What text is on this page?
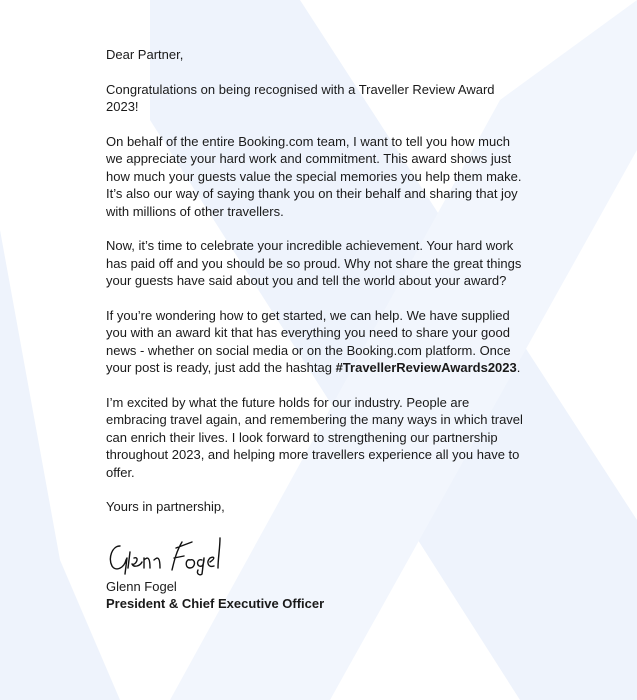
Dear Partner,

Congratulations on being recognised with a Traveller Review Award 2023!

On behalf of the entire Booking.com team, I want to tell you how much we appreciate your hard work and commitment. This award shows just how much your guests value the special memories you help them make. It’s also our way of saying thank you on their behalf and sharing that joy with millions of other travellers.

Now, it’s time to celebrate your incredible achievement. Your hard work has paid off and you should be so proud. Why not share the great things your guests have said about you and tell the world about your award?

If you’re wondering how to get started, we can help. We have supplied you with an award kit that has everything you need to share your good news - whether on social media or on the Booking.com platform. Once your post is ready, just add the hashtag #TravellerReviewAwards2023.

I’m excited by what the future holds for our industry. People are embracing travel again, and remembering the many ways in which travel can enrich their lives. I look forward to strengthening our partnership throughout 2023, and helping more travellers experience all you have to offer.

Yours in partnership,

Glenn Fogel

President & Chief Executive Officer
